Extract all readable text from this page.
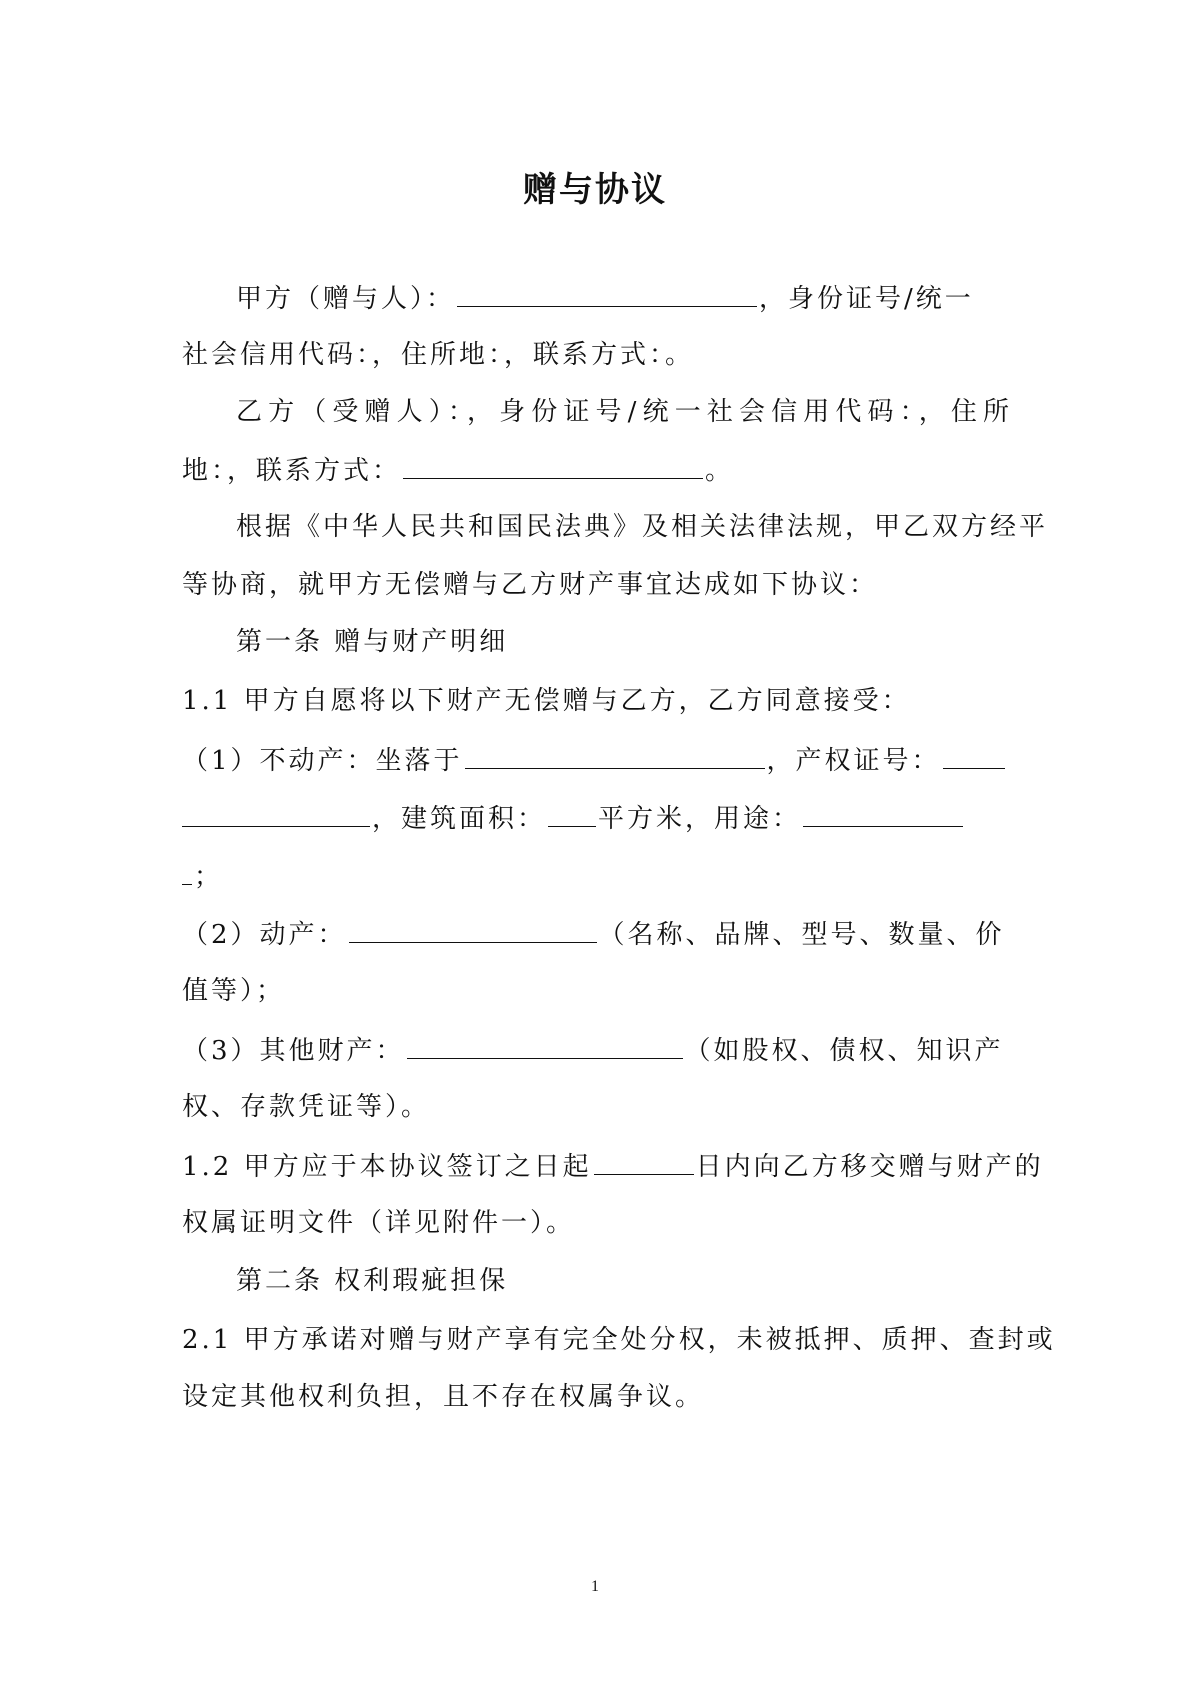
赠与协议
甲方（赠与人）：	，身份证号/统一
社会信用代码：，住所地：，联系方式：。
乙方（受赠人）：，身份证号/统一社会信用代码：，住所
地：，联系方式：	。
根据《中华人民共和国民法典》及相关法律法规，甲乙双方经平
等协商，就甲方无偿赠与乙方财产事宜达成如下协议：
第一条 赠与财产明细
1.1 甲方自愿将以下财产无偿赠与乙方，乙方同意接受：
（1）不动产：坐落于	，产权证号：
，建筑面积： 平方米，用途：
；
（2）动产：	（名称、品牌、型号、数量、价
值等）；
（3）其他财产：	（如股权、债权、知识产
权、存款凭证等）。
1.2 甲方应于本协议签订之日起	日内向乙方移交赠与财产的
权属证明文件（详见附件一）。
第二条 权利瑕疵担保
2.1 甲方承诺对赠与财产享有完全处分权，未被抵押、质押、查封或
设定其他权利负担，且不存在权属争议。
1
